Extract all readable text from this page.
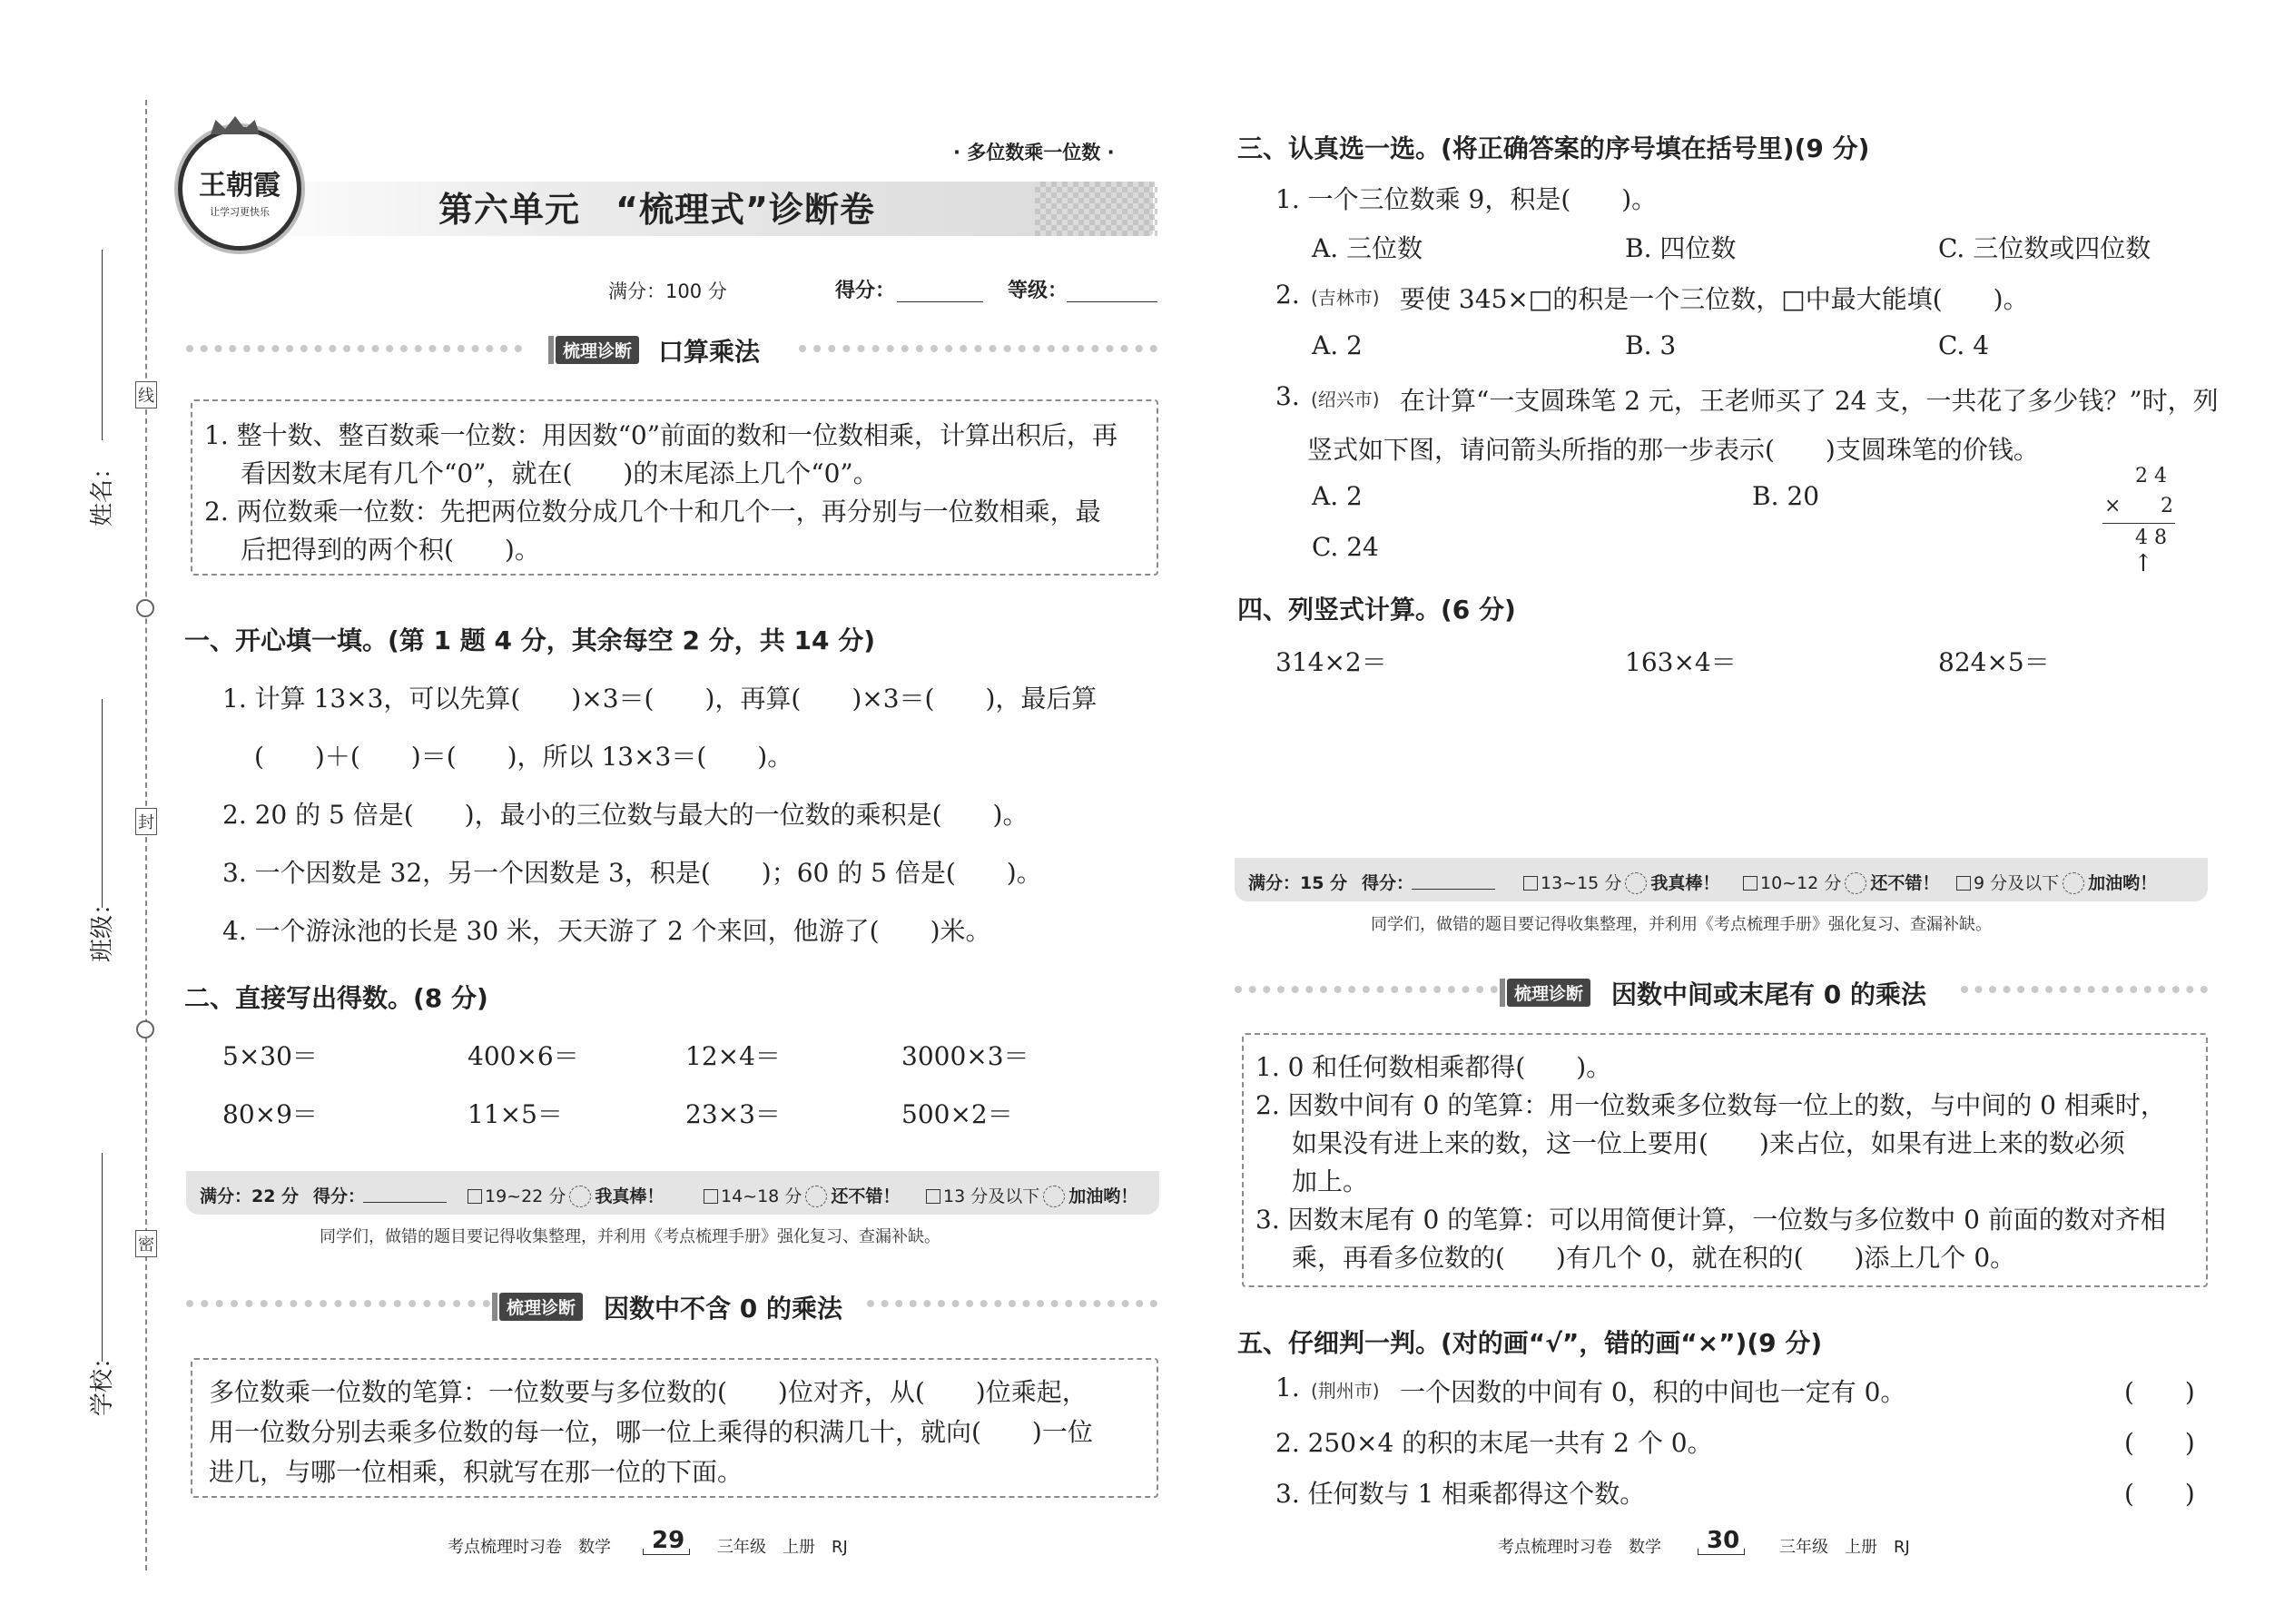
姓名：
班级：
学校：
线
封
密
王朝霞
让学习更快乐
· 多位数乘一位数 ·
第六单元　“梳理式”诊断卷
满分：100 分	得分：	等级：
梳理诊断 口算乘法
1. 整十数、整百数乘一位数：用因数“0”前面的数和一位数相乘，计算出积后，再
看因数末尾有几个“0”，就在(　　)的末尾添上几个“0”。
2. 两位数乘一位数：先把两位数分成几个十和几个一，再分别与一位数相乘，最
后把得到的两个积(　　)。
一、开心填一填。(第 1 题 4 分，其余每空 2 分，共 14 分)
1. 计算 13×3，可以先算(　　)×3＝(　　)，再算(　　)×3＝(　　)，最后算
(　　)＋(　　)＝(　　)，所以 13×3＝(　　)。
2. 20 的 5 倍是(　　)，最小的三位数与最大的一位数的乘积是(　　)。
3. 一个因数是 32，另一个因数是 3，积是(　　)；60 的 5 倍是(　　)。
4. 一个游泳池的长是 30 米，天天游了 2 个来回，他游了(　　)米。
二、直接写出得数。(8 分)
5×30＝	400×6＝	12×4＝	3000×3＝
80×9＝	11×5＝	23×3＝	500×2＝
满分：22 分 得分：	19~22 分 我真棒！	14~18 分 还不错！	13 分及以下 加油哟！
同学们，做错的题目要记得收集整理，并利用《考点梳理手册》强化复习、查漏补缺。
梳理诊断 因数中不含 0 的乘法
多位数乘一位数的笔算：一位数要与多位数的(　　)位对齐，从(　　)位乘起，
用一位数分别去乘多位数的每一位，哪一位上乘得的积满几十，就向(　　)一位
进几，与哪一位相乘，积就写在那一位的下面。
考点梳理时习卷　数学 29 三年级　上册　RJ
三、认真选一选。(将正确答案的序号填在括号里)(9 分)
1. 一个三位数乘 9，积是(　　)。
A. 三位数	B. 四位数	C. 三位数或四位数
2. (吉林市) 要使 345×□的积是一个三位数，□中最大能填(　　)。
A. 2	B. 3	C. 4
3. (绍兴市) 在计算“一支圆珠笔 2 元，王老师买了 24 支，一共花了多少钱？”时，列
竖式如下图，请问箭头所指的那一步表示(　　)支圆珠笔的价钱。
A. 2	B. 20
C. 24
2 4
× 2
4 8
↑
四、列竖式计算。(6 分)
314×2＝	163×4＝	824×5＝
满分：15 分 得分：	13~15 分 我真棒！	10~12 分 还不错！	9 分及以下 加油哟！
同学们，做错的题目要记得收集整理，并利用《考点梳理手册》强化复习、查漏补缺。
梳理诊断 因数中间或末尾有 0 的乘法
1. 0 和任何数相乘都得(　　)。
2. 因数中间有 0 的笔算：用一位数乘多位数每一位上的数，与中间的 0 相乘时，
如果没有进上来的数，这一位上要用(　　)来占位，如果有进上来的数必须
加上。
3. 因数末尾有 0 的笔算：可以用简便计算，一位数与多位数中 0 前面的数对齐相
乘，再看多位数的(　　)有几个 0，就在积的(　　)添上几个 0。
五、仔细判一判。(对的画“√”，错的画“×”)(9 分)
1. (荆州市) 一个因数的中间有 0，积的中间也一定有 0。	(　　)
2. 250×4 的积的末尾一共有 2 个 0。	(　　)
3. 任何数与 1 相乘都得这个数。	(　　)
考点梳理时习卷　数学 30 三年级　上册　RJ
